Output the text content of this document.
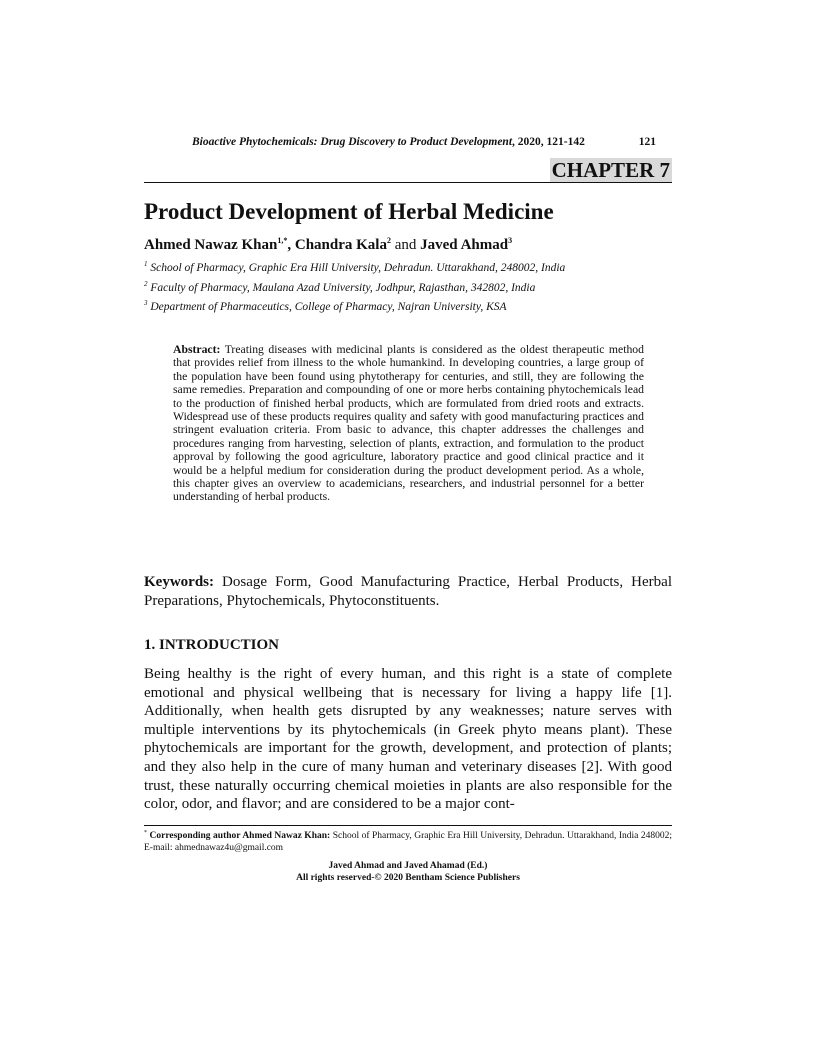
Bioactive Phytochemicals: Drug Discovery to Product Development, 2020, 121-142	121
CHAPTER 7
Product Development of Herbal Medicine
Ahmed Nawaz Khan$^{1,*}$, Chandra Kala$^2$ and Javed Ahmad$^3$
$^1$ School of Pharmacy, Graphic Era Hill University, Dehradun. Uttarakhand, 248002, India
$^2$ Faculty of Pharmacy, Maulana Azad University, Jodhpur, Rajasthan, 342802, India
$^3$ Department of Pharmaceutics, College of Pharmacy, Najran University, KSA
Abstract: Treating diseases with medicinal plants is considered as the oldest therapeutic method that provides relief from illness to the whole humankind. In developing countries, a large group of the population have been found using phytotherapy for centuries, and still, they are following the same remedies. Preparation and compounding of one or more herbs containing phytochemicals lead to the production of finished herbal products, which are formulated from dried roots and extracts. Widespread use of these products requires quality and safety with good manufacturing practices and stringent evaluation criteria. From basic to advance, this chapter addresses the challenges and procedures ranging from harvesting, selection of plants, extraction, and formulation to the product approval by following the good agriculture, laboratory practice and good clinical practice and it would be a helpful medium for consideration during the product development period. As a whole, this chapter gives an overview to academicians, researchers, and industrial personnel for a better understanding of herbal products.
Keywords: Dosage Form, Good Manufacturing Practice, Herbal Products, Herbal Preparations, Phytochemicals, Phytoconstituents.
1. INTRODUCTION
Being healthy is the right of every human, and this right is a state of complete emotional and physical wellbeing that is necessary for living a happy life [1]. Additionally, when health gets disrupted by any weaknesses; nature serves with multiple interventions by its phytochemicals (in Greek phyto means plant). These phytochemicals are important for the growth, development, and protection of plants; and they also help in the cure of many human and veterinary diseases [2]. With good trust, these naturally occurring chemical moieties in plants are also responsible for the color, odor, and flavor; and are considered to be a major cont-
* Corresponding author Ahmed Nawaz Khan: School of Pharmacy, Graphic Era Hill University, Dehradun. Uttarakhand, India 248002; E-mail: ahmednawaz4u@gmail.com
Javed Ahmad and Javed Ahamad (Ed.)
All rights reserved-© 2020 Bentham Science Publishers
